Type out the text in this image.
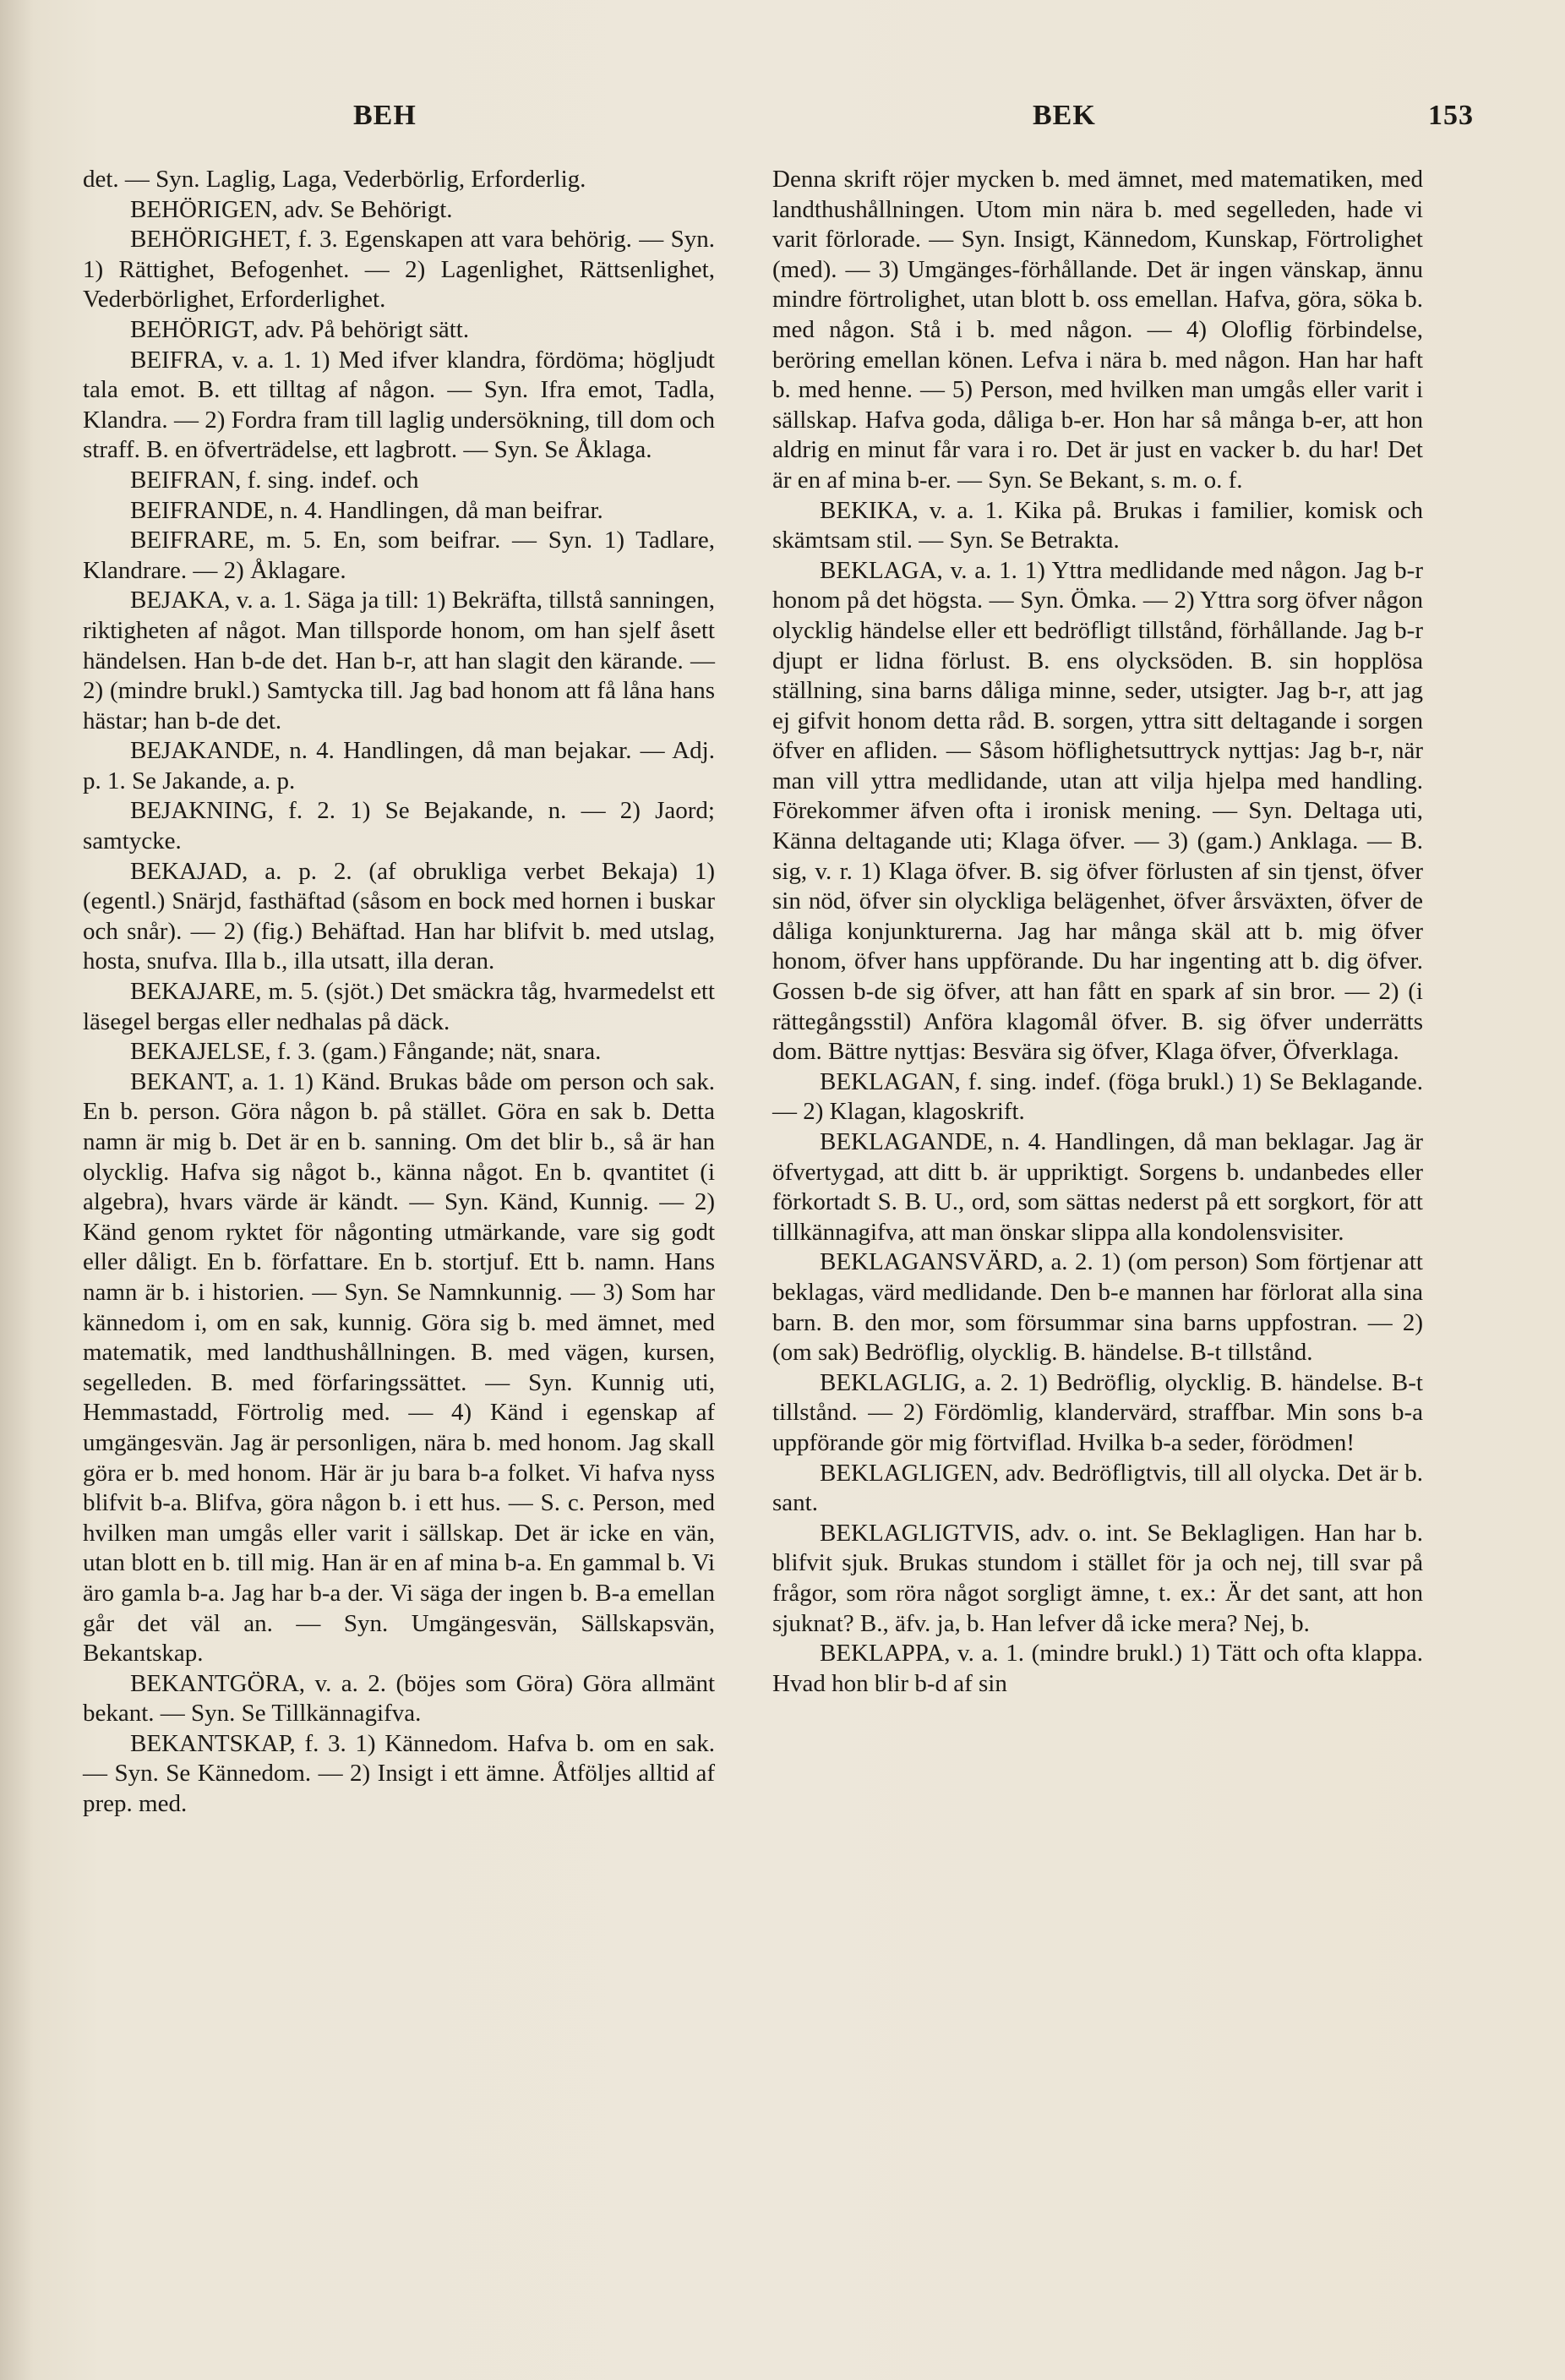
BEH	BEK	153

det. — Syn. Laglig, Laga, Vederbörlig, Erforderlig.

BEHÖRIGEN, adv. Se Behörigt.

BEHÖRIGHET, f. 3. Egenskapen att vara behörig. — Syn. 1) Rättighet, Befogenhet. — 2) Lagenlighet, Rättsenlighet, Vederbörlighet, Erforderlighet.

BEHÖRIGT, adv. På behörigt sätt.

BEIFRA, v. a. 1. 1) Med ifver klandra, fördöma; högljudt tala emot. B. ett tilltag af någon. — Syn. Ifra emot, Tadla, Klandra. — 2) Fordra fram till laglig undersökning, till dom och straff. B. en öfverträdelse, ett lagbrott. — Syn. Se Åklaga.

BEIFRAN, f. sing. indef. och

BEIFRANDE, n. 4. Handlingen, då man beifrar.

BEIFRARE, m. 5. En, som beifrar. — Syn. 1) Tadlare, Klandrare. — 2) Åklagare.

BEJAKA, v. a. 1. Säga ja till: 1) Bekräfta, tillstå sanningen, riktigheten af något. Man tillsporde honom, om han sjelf åsett händelsen. Han b-de det. Han b-r, att han slagit den kärande. — 2) (mindre brukl.) Samtycka till. Jag bad honom att få låna hans hästar; han b-de det.

BEJAKANDE, n. 4. Handlingen, då man bejakar. — Adj. p. 1. Se Jakande, a. p.

BEJAKNING, f. 2. 1) Se Bejakande, n. — 2) Jaord; samtycke.

BEKAJAD, a. p. 2. (af obrukliga verbet Bekaja) 1) (egentl.) Snärjd, fasthäftad (såsom en bock med hornen i buskar och snår). — 2) (fig.) Behäftad. Han har blifvit b. med utslag, hosta, snufva. Illa b., illa utsatt, illa deran.

BEKAJARE, m. 5. (sjöt.) Det smäckra tåg, hvarmedelst ett läsegel bergas eller nedhalas på däck.

BEKAJELSE, f. 3. (gam.) Fångande; nät, snara.

BEKANT, a. 1. 1) Känd. Brukas både om person och sak. En b. person. Göra någon b. på stället. Göra en sak b. Detta namn är mig b. Det är en b. sanning. Om det blir b., så är han olycklig. Hafva sig något b., känna något. En b. qvantitet (i algebra), hvars värde är kändt. — Syn. Känd, Kunnig. — 2) Känd genom ryktet för någonting utmärkande, vare sig godt eller dåligt. En b. författare. En b. stortjuf. Ett b. namn. Hans namn är b. i historien. — Syn. Se Namnkunnig. — 3) Som har kännedom i, om en sak, kunnig. Göra sig b. med ämnet, med matematik, med landthushållningen. B. med vägen, kursen, segelleden. B. med förfaringssättet. — Syn. Kunnig uti, Hemmastadd, Förtrolig med. — 4) Känd i egenskap af umgängesvän. Jag är personligen, nära b. med honom. Jag skall göra er b. med honom. Här är ju bara b-a folket. Vi hafva nyss blifvit b-a. Blifva, göra någon b. i ett hus. — S. c. Person, med hvilken man umgås eller varit i sällskap. Det är icke en vän, utan blott en b. till mig. Han är en af mina b-a. En gammal b. Vi äro gamla b-a. Jag har b-a der. Vi säga der ingen b. B-a emellan går det väl an. — Syn. Umgängesvän, Sällskapsvän, Bekantskap.

BEKANTGÖRA, v. a. 2. (böjes som Göra) Göra allmänt bekant. — Syn. Se Tillkännagifva.

BEKANTSKAP, f. 3. 1) Kännedom. Hafva b. om en sak. — Syn. Se Kännedom. — 2) Insigt i ett ämne. Åtföljes alltid af prep. med.

Denna skrift röjer mycken b. med ämnet, med matematiken, med landthushållningen. Utom min nära b. med segelleden, hade vi varit förlorade. — Syn. Insigt, Kännedom, Kunskap, Förtrolighet (med). — 3) Umgänges-förhållande. Det är ingen vänskap, ännu mindre förtrolighet, utan blott b. oss emellan. Hafva, göra, söka b. med någon. Stå i b. med någon. — 4) Oloflig förbindelse, beröring emellan könen. Lefva i nära b. med någon. Han har haft b. med henne. — 5) Person, med hvilken man umgås eller varit i sällskap. Hafva goda, dåliga b-er. Hon har så många b-er, att hon aldrig en minut får vara i ro. Det är just en vacker b. du har! Det är en af mina b-er. — Syn. Se Bekant, s. m. o. f.

BEKIKA, v. a. 1. Kika på. Brukas i familier, komisk och skämtsam stil. — Syn. Se Betrakta.

BEKLAGA, v. a. 1. 1) Yttra medlidande med någon. Jag b-r honom på det högsta. — Syn. Ömka. — 2) Yttra sorg öfver någon olycklig händelse eller ett bedröfligt tillstånd, förhållande. Jag b-r djupt er lidna förlust. B. ens olycksöden. B. sin hopplösa ställning, sina barns dåliga minne, seder, utsigter. Jag b-r, att jag ej gifvit honom detta råd. B. sorgen, yttra sitt deltagande i sorgen öfver en afliden. — Såsom höflighetsuttryck nyttjas: Jag b-r, när man vill yttra medlidande, utan att vilja hjelpa med handling. Förekommer äfven ofta i ironisk mening. — Syn. Deltaga uti, Känna deltagande uti; Klaga öfver. — 3) (gam.) Anklaga. — B. sig, v. r. 1) Klaga öfver. B. sig öfver förlusten af sin tjenst, öfver sin nöd, öfver sin olyckliga belägenhet, öfver årsväxten, öfver de dåliga konjunkturerna. Jag har många skäl att b. mig öfver honom, öfver hans uppförande. Du har ingenting att b. dig öfver. Gossen b-de sig öfver, att han fått en spark af sin bror. — 2) (i rättegångsstil) Anföra klagomål öfver. B. sig öfver underrätts dom. Bättre nyttjas: Besvära sig öfver, Klaga öfver, Öfverklaga.

BEKLAGAN, f. sing. indef. (föga brukl.) 1) Se Beklagande. — 2) Klagan, klagoskrift.

BEKLAGANDE, n. 4. Handlingen, då man beklagar. Jag är öfvertygad, att ditt b. är uppriktigt. Sorgens b. undanbedes eller förkortadt S. B. U., ord, som sättas nederst på ett sorgkort, för att tillkännagifva, att man önskar slippa alla kondolensvisiter.

BEKLAGANSVÄRD, a. 2. 1) (om person) Som förtjenar att beklagas, värd medlidande. Den b-e mannen har förlorat alla sina barn. B. den mor, som försummar sina barns uppfostran. — 2) (om sak) Bedröflig, olycklig. B. händelse. B-t tillstånd.

BEKLAGLIG, a. 2. 1) Bedröflig, olycklig. B. händelse. B-t tillstånd. — 2) Fördömlig, klandervärd, straffbar. Min sons b-a uppförande gör mig förtviflad. Hvilka b-a seder, förödmen!

BEKLAGLIGEN, adv. Bedröfligtvis, till all olycka. Det är b. sant.

BEKLAGLIGTVIS, adv. o. int. Se Beklagligen. Han har b. blifvit sjuk. Brukas stundom i stället för ja och nej, till svar på frågor, som röra något sorgligt ämne, t. ex.: Är det sant, att hon sjuknat? B., äfv. ja, b. Han lefver då icke mera? Nej, b.

BEKLAPPA, v. a. 1. (mindre brukl.) 1) Tätt och ofta klappa. Hvad hon blir b-d af sin
